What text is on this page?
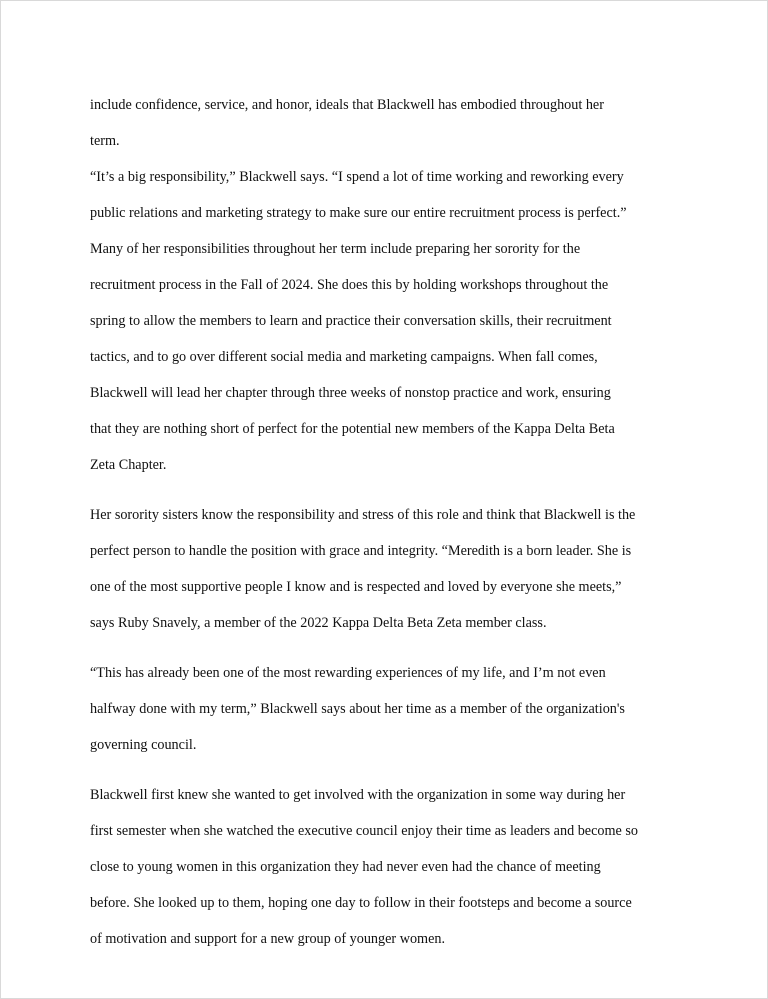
include confidence, service, and honor, ideals that Blackwell has embodied throughout her

term.

“It’s a big responsibility,” Blackwell says. “I spend a lot of time working and reworking every

public relations and marketing strategy to make sure our entire recruitment process is perfect.”

Many of her responsibilities throughout her term include preparing her sorority for the

recruitment process in the Fall of 2024. She does this by holding workshops throughout the

spring to allow the members to learn and practice their conversation skills, their recruitment

tactics, and to go over different social media and marketing campaigns. When fall comes,

Blackwell will lead her chapter through three weeks of nonstop practice and work, ensuring

that they are nothing short of perfect for the potential new members of the Kappa Delta Beta

Zeta Chapter.

Her sorority sisters know the responsibility and stress of this role and think that Blackwell is the

perfect person to handle the position with grace and integrity. “Meredith is a born leader. She is

one of the most supportive people I know and is respected and loved by everyone she meets,”

says Ruby Snavely, a member of the 2022 Kappa Delta Beta Zeta member class.

“This has already been one of the most rewarding experiences of my life, and I’m not even

halfway done with my term,” Blackwell says about her time as a member of the organization's

governing council.

Blackwell first knew she wanted to get involved with the organization in some way during her

first semester when she watched the executive council enjoy their time as leaders and become so

close to young women in this organization they had never even had the chance of meeting

before. She looked up to them, hoping one day to follow in their footsteps and become a source

of motivation and support for a new group of younger women.
